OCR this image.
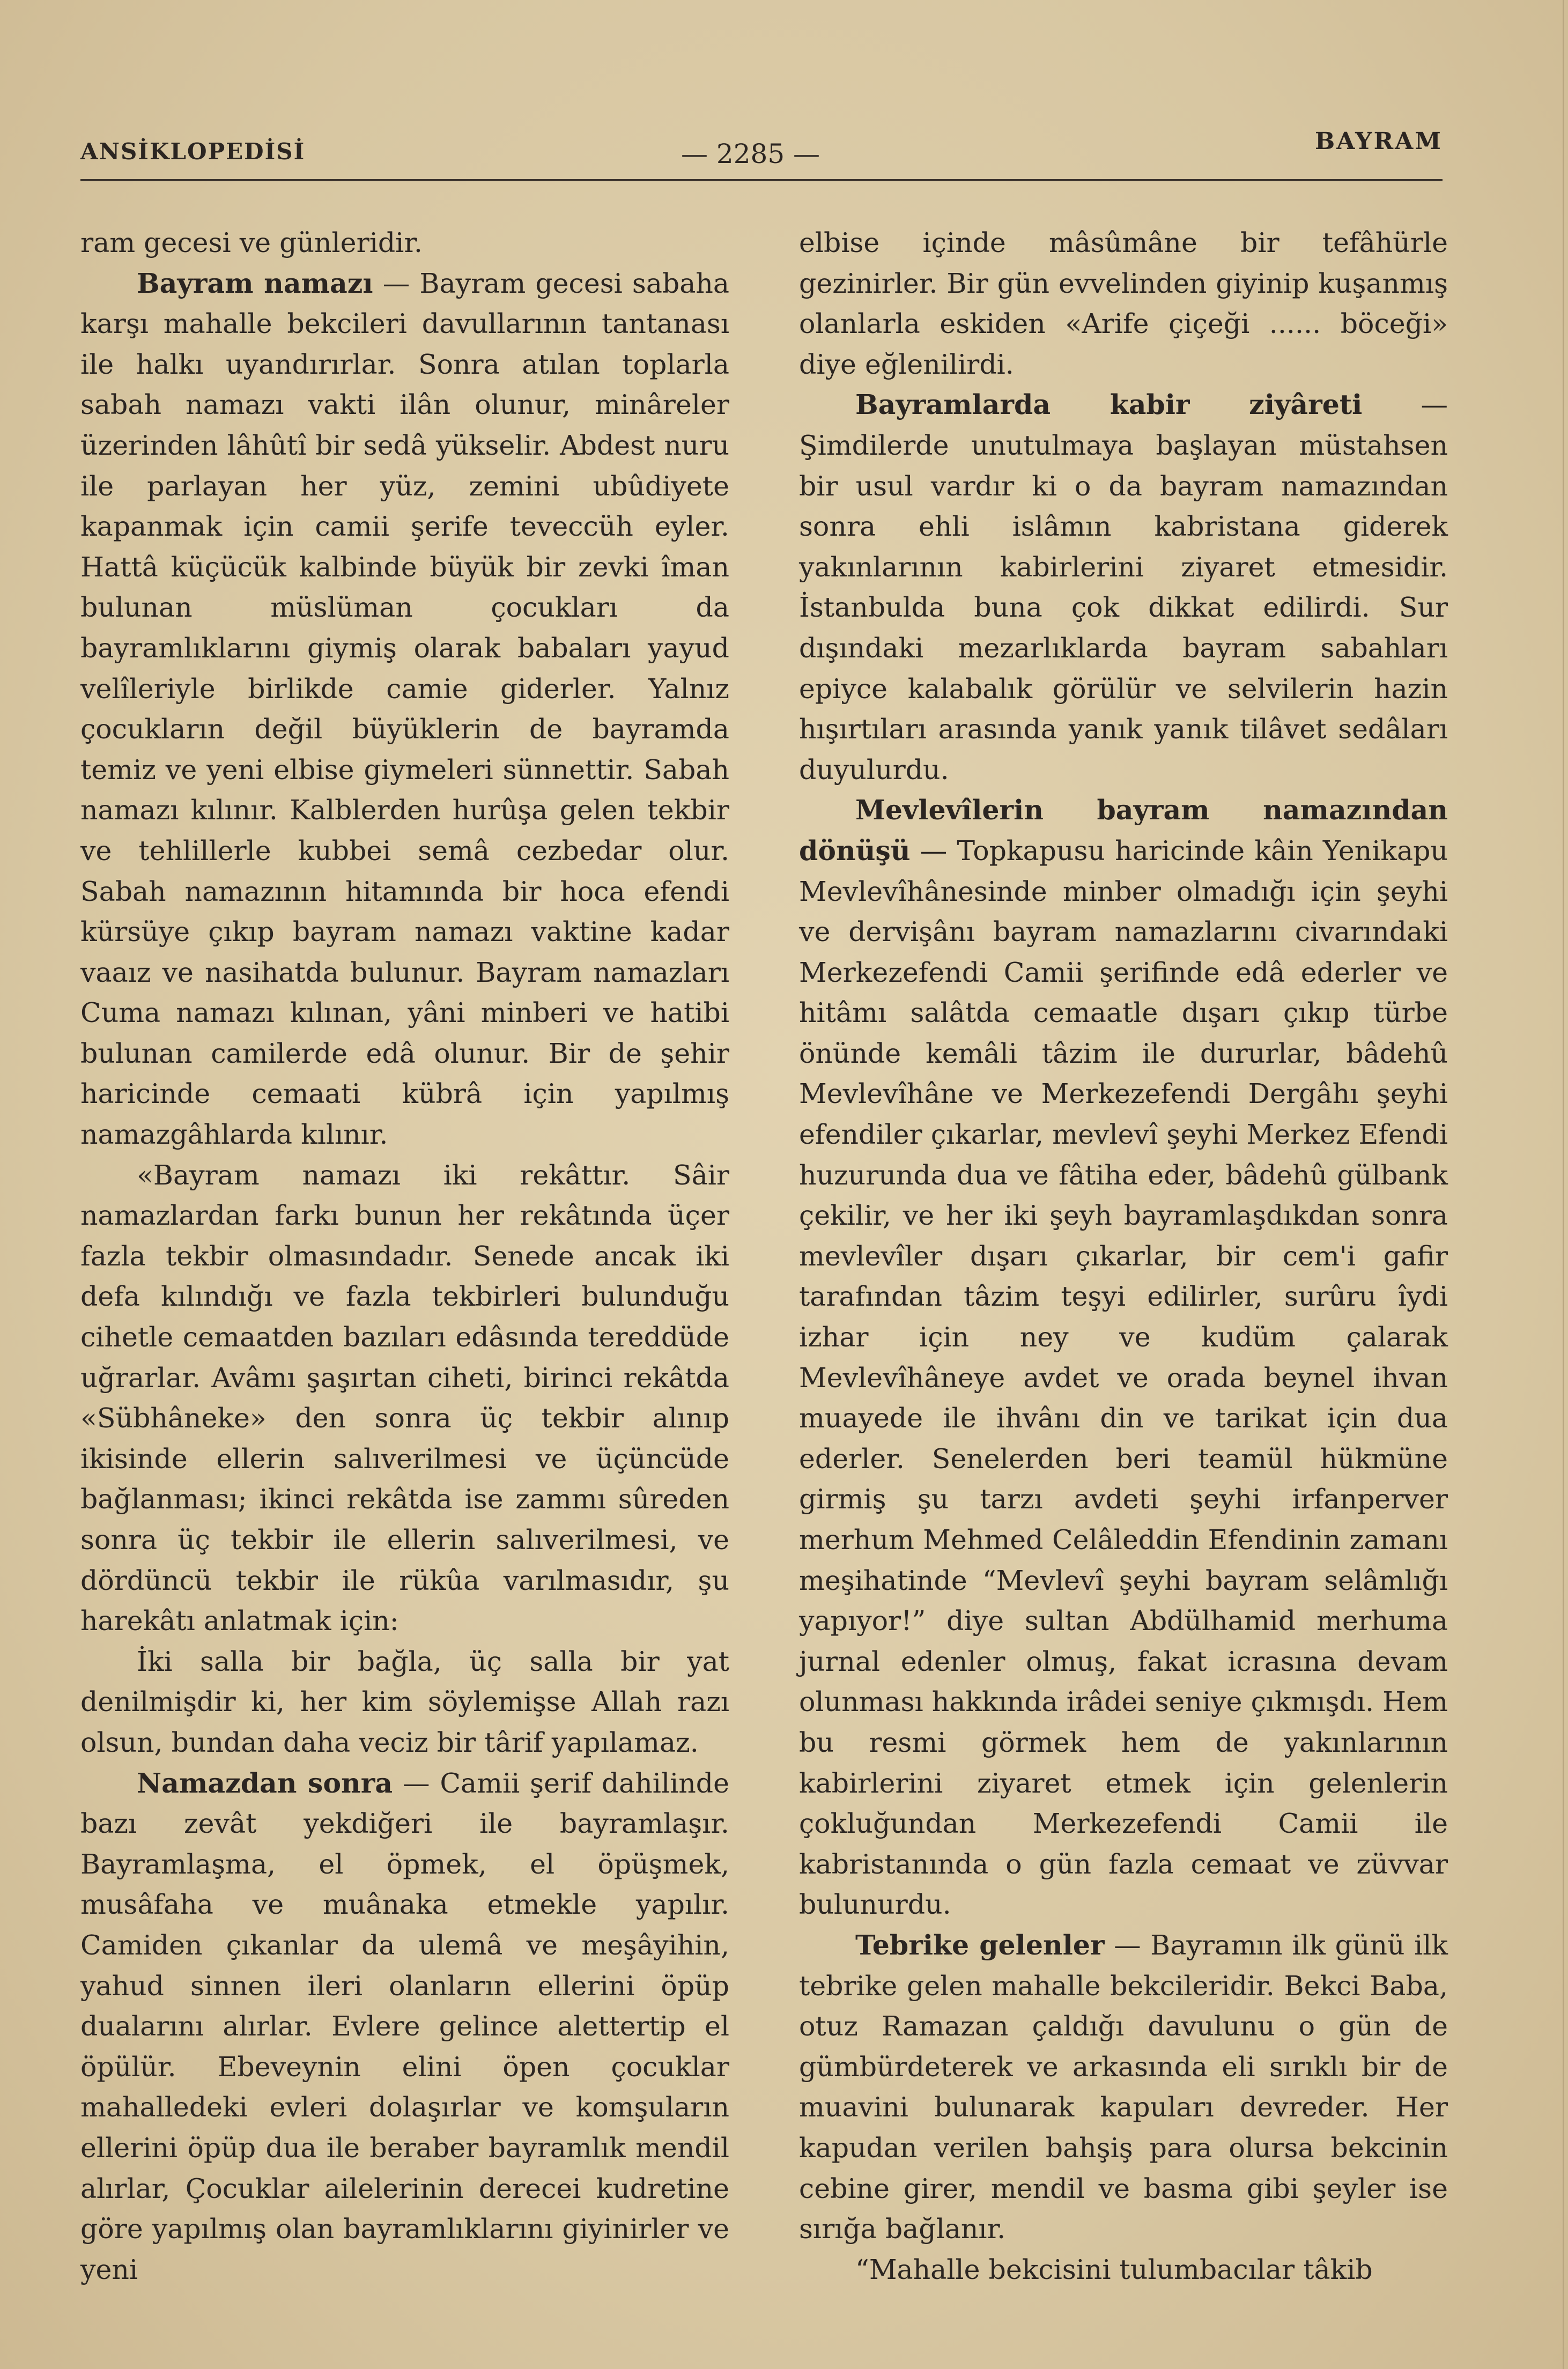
ANSİKLOPEDİSİ	— 2285 —	BAYRAM

ram gecesi ve günleridir.

Bayram namazı — Bayram gecesi sabaha karşı mahalle bekcileri davullarının tantanası ile halkı uyandırırlar. Sonra atılan toplarla sabah namazı vakti ilân olunur, minâreler üzerinden lâhûtî bir sedâ yükselir. Abdest nuru ile parlayan her yüz, zemini ubûdiyete kapanmak için camii şerife teveccüh eyler. Hattâ küçücük kalbinde büyük bir zevki îman bulunan müslüman çocukları da bayramlıklarını giymiş olarak babaları yayud velîleriyle birlikde camie giderler. Yalnız çocukların değil büyüklerin de bayramda temiz ve yeni elbise giymeleri sünnettir. Sabah namazı kılınır. Kalblerden hurûşa gelen tekbir ve tehlillerle kubbei semâ cezbedar olur. Sabah namazının hitamında bir hoca efendi kürsüye çıkıp bayram namazı vaktine kadar vaaız ve nasihatda bulunur. Bayram namazları Cuma namazı kılınan, yâni minberi ve hatibi bulunan camilerde edâ olunur. Bir de şehir haricinde cemaati kübrâ için yapılmış namazgâhlarda kılınır.

«Bayram namazı iki rekâttır. Sâir namazlardan farkı bunun her rekâtında üçer fazla tekbir olmasındadır. Senede ancak iki defa kılındığı ve fazla tekbirleri bulunduğu cihetle cemaatden bazıları edâsında tereddüde uğrarlar. Avâmı şaşırtan ciheti, birinci rekâtda «Sübhâneke» den sonra üç tekbir alınıp ikisinde ellerin salıverilmesi ve üçüncüde bağlanması; ikinci rekâtda ise zammı sûreden sonra üç tekbir ile ellerin salıverilmesi, ve dördüncü tekbir ile rükûa varılmasıdır, şu harekâtı anlatmak için:

İki salla bir bağla, üç salla bir yat denilmişdir ki, her kim söylemişse Allah razı olsun, bundan daha veciz bir târif yapılamaz.

Namazdan sonra — Camii şerif dahilinde bazı zevât yekdiğeri ile bayramlaşır. Bayramlaşma, el öpmek, el öpüşmek, musâfaha ve muânaka etmekle yapılır. Camiden çıkanlar da ulemâ ve meşâyihin, yahud sinnen ileri olanların ellerini öpüp dualarını alırlar. Evlere gelince alettertip el öpülür. Ebeveynin elini öpen çocuklar mahalledeki evleri dolaşırlar ve komşuların ellerini öpüp dua ile beraber bayramlık mendil alırlar, Çocuklar ailelerinin derecei kudretine göre yapılmış olan bayramlıklarını giyinirler ve yeni

elbise içinde mâsûmâne bir tefâhürle gezinirler. Bir gün evvelinden giyinip kuşanmış olanlarla eskiden «Arife çiçeği ...... böceği» diye eğlenilirdi.

Bayramlarda kabir ziyâreti — Şimdilerde unutulmaya başlayan müstahsen bir usul vardır ki o da bayram namazından sonra ehli islâmın kabristana giderek yakınlarının kabirlerini ziyaret etmesidir. İstanbulda buna çok dikkat edilirdi. Sur dışındaki mezarlıklarda bayram sabahları epiyce kalabalık görülür ve selvilerin hazin hışırtıları arasında yanık yanık tilâvet sedâları duyulurdu.

Mevlevîlerin bayram namazından dönüşü — Topkapusu haricinde kâin Yenikapu Mevlevîhânesinde minber olmadığı için şeyhi ve dervişânı bayram namazlarını civarındaki Merkezefendi Camii şerifinde edâ ederler ve hitâmı salâtda cemaatle dışarı çıkıp türbe önünde kemâli tâzim ile dururlar, bâdehû Mevlevîhâne ve Merkezefendi Dergâhı şeyhi efendiler çıkarlar, mevlevî şeyhi Merkez Efendi huzurunda dua ve fâtiha eder, bâdehû gülbank çekilir, ve her iki şeyh bayramlaşdıkdan sonra mevlevîler dışarı çıkarlar, bir cem'i gafir tarafından tâzim teşyi edilirler, surûru îydi izhar için ney ve kudüm çalarak Mevlevîhâneye avdet ve orada beynel ihvan muayede ile ihvânı din ve tarikat için dua ederler. Senelerden beri teamül hükmüne girmiş şu tarzı avdeti şeyhi irfanperver merhum Mehmed Celâleddin Efendinin zamanı meşihatinde “Mevlevî şeyhi bayram selâmlığı yapıyor!” diye sultan Abdülhamid merhuma jurnal edenler olmuş, fakat icrasına devam olunması hakkında irâdei seniye çıkmışdı. Hem bu resmi görmek hem de yakınlarının kabirlerini ziyaret etmek için gelenlerin çokluğundan Merkezefendi Camii ile kabristanında o gün fazla cemaat ve züvvar bulunurdu.

Tebrike gelenler — Bayramın ilk günü ilk tebrike gelen mahalle bekcileridir. Bekci Baba, otuz Ramazan çaldığı davulunu o gün de gümbürdeterek ve arkasında eli sırıklı bir de muavini bulunarak kapuları devreder. Her kapudan verilen bahşiş para olursa bekcinin cebine girer, mendil ve basma gibi şeyler ise sırığa bağlanır.

“Mahalle bekcisini tulumbacılar tâkib
